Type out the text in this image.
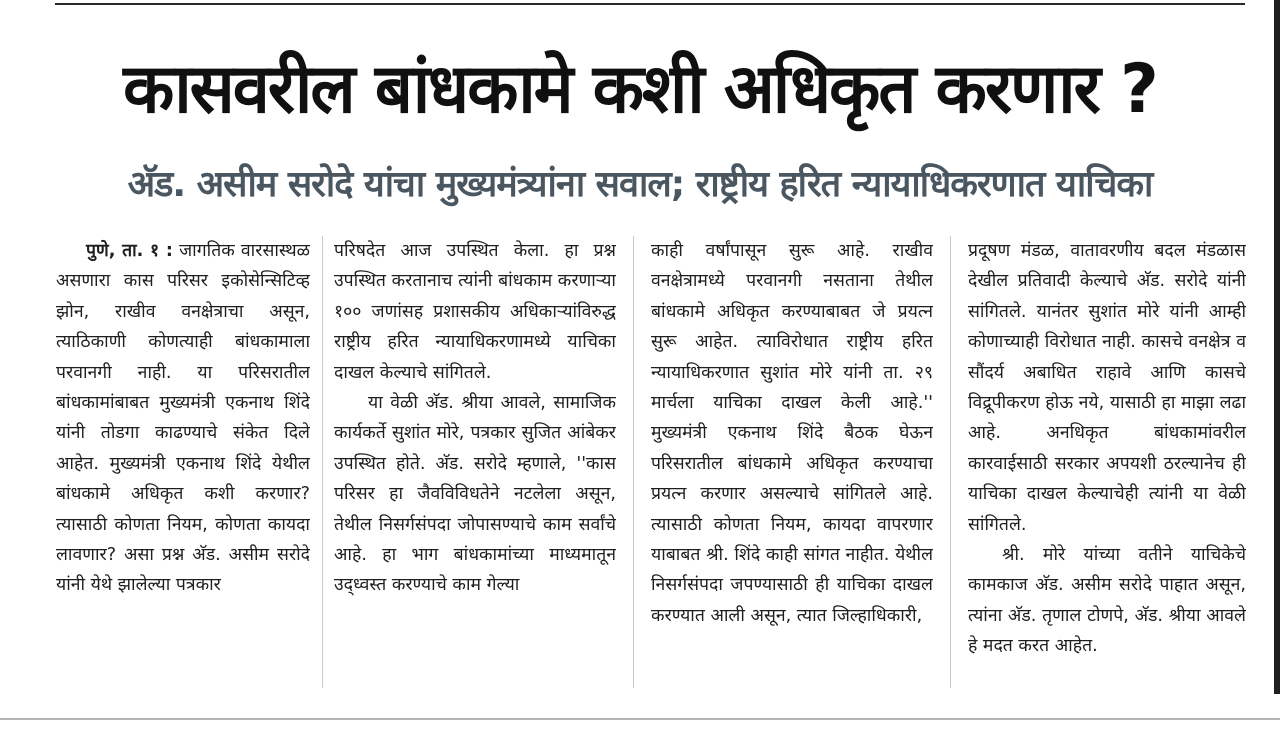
कासवरील बांधकामे कशी अधिकृत करणार ?
अ‍ॅड. असीम सरोदे यांचा मुख्यमंत्र्यांना सवाल; राष्ट्रीय हरित न्यायाधिकरणात याचिका

पुणे, ता. १ : जागतिक वारसास्थळ असणारा कास परिसर इकोसेन्सिटिव्ह झोन, राखीव वनक्षेत्राचा असून, त्याठिकाणी कोणत्याही बांधकामाला परवानगी नाही. या परिसरातील बांधकामांबाबत मुख्यमंत्री एकनाथ शिंदे यांनी तोडगा काढण्याचे संकेत दिले आहेत. मुख्यमंत्री एकनाथ शिंदे येथील बांधकामे अधिकृत कशी करणार? त्यासाठी कोणता नियम, कोणता कायदा लावणार? असा प्रश्न अ‍ॅड. असीम सरोदे यांनी येथे झालेल्या पत्रकार

परिषदेत आज उपस्थित केला. हा प्रश्न उपस्थित करतानाच त्यांनी बांधकाम करणाऱ्या १०० जणांसह प्रशासकीय अधिकाऱ्यांविरुद्ध राष्ट्रीय हरित न्यायाधिकरणामध्ये याचिका दाखल केल्याचे सांगितले.

या वेळी अ‍ॅड. श्रीया आवले, सामाजिक कार्यकर्ते सुशांत मोरे, पत्रकार सुजित आंबेकर उपस्थित होते. अ‍ॅड. सरोदे म्हणाले, ''कास परिसर हा जैवविविधतेने नटलेला असून, तेथील निसर्गसंपदा जोपासण्याचे काम सर्वांचे आहे. हा भाग बांधकामांच्या माध्यमातून उद्‌ध्वस्त करण्याचे काम गेल्या

काही वर्षांपासून सुरू आहे. राखीव वनक्षेत्रामध्ये परवानगी नसताना तेथील बांधकामे अधिकृत करण्याबाबत जे प्रयत्न सुरू आहेत. त्याविरोधात राष्ट्रीय हरित न्यायाधिकरणात सुशांत मोरे यांनी ता. २९ मार्चला याचिका दाखल केली आहे.'' मुख्यमंत्री एकनाथ शिंदे बैठक घेऊन परिसरातील बांधकामे अधिकृत करण्याचा प्रयत्न करणार असल्याचे सांगितले आहे. त्यासाठी कोणता नियम, कायदा वापरणार याबाबत श्री. शिंदे काही सांगत नाहीत. येथील निसर्गसंपदा जपण्यासाठी ही याचिका दाखल करण्यात आली असून, त्यात जिल्हाधिकारी,

प्रदूषण मंडळ, वातावरणीय बदल मंडळास देखील प्रतिवादी केल्याचे अ‍ॅड. सरोदे यांनी सांगितले. यानंतर सुशांत मोरे यांनी आम्ही कोणाच्याही विरोधात नाही. कासचे वनक्षेत्र व सौंदर्य अबाधित राहावे आणि कासचे विद्रूपीकरण होऊ नये, यासाठी हा माझा लढा आहे. अनधिकृत बांधकामांवरील कारवाईसाठी सरकार अपयशी ठरल्यानेच ही याचिका दाखल केल्याचेही त्यांनी या वेळी सांगितले.

श्री. मोरे यांच्या वतीने याचिकेचे कामकाज अ‍ॅड. असीम सरोदे पाहात असून, त्यांना अ‍ॅड. तृणाल टोणपे, अ‍ॅड. श्रीया आवले हे मदत करत आहेत.
